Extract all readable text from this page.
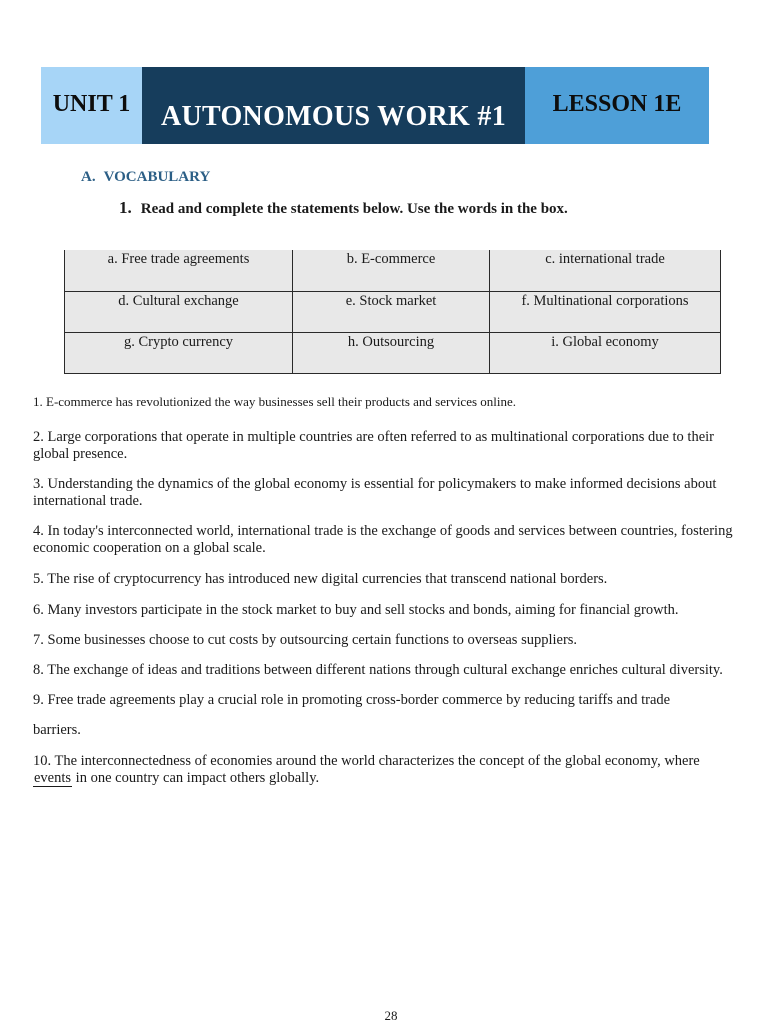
UNIT 1	AUTONOMOUS WORK #1	LESSON 1E
A. VOCABULARY
1. Read and complete the statements below. Use the words in the box.
a. Free trade agreements	b. E-commerce	c. international trade
d. Cultural exchange	e. Stock market	f. Multinational corporations
g. Crypto currency	h. Outsourcing	i. Global economy

1. E-commerce has revolutionized the way businesses sell their products and services online.

2. Large corporations that operate in multiple countries are often referred to as multinational corporations due to their global presence.

3. Understanding the dynamics of the global economy is essential for policymakers to make informed decisions about international trade.

4. In today's interconnected world, international trade is the exchange of goods and services between countries, fostering economic cooperation on a global scale.

5. The rise of cryptocurrency has introduced new digital currencies that transcend national borders.

6. Many investors participate in the stock market to buy and sell stocks and bonds, aiming for financial growth.

7. Some businesses choose to cut costs by outsourcing certain functions to overseas suppliers.

8. The exchange of ideas and traditions between different nations through cultural exchange enriches cultural diversity.

9. Free trade agreements play a crucial role in promoting cross-border commerce by reducing tariffs and trade

barriers.

10. The interconnectedness of economies around the world characterizes the concept of the global economy, whereevents in one country can impact others globally.

28
